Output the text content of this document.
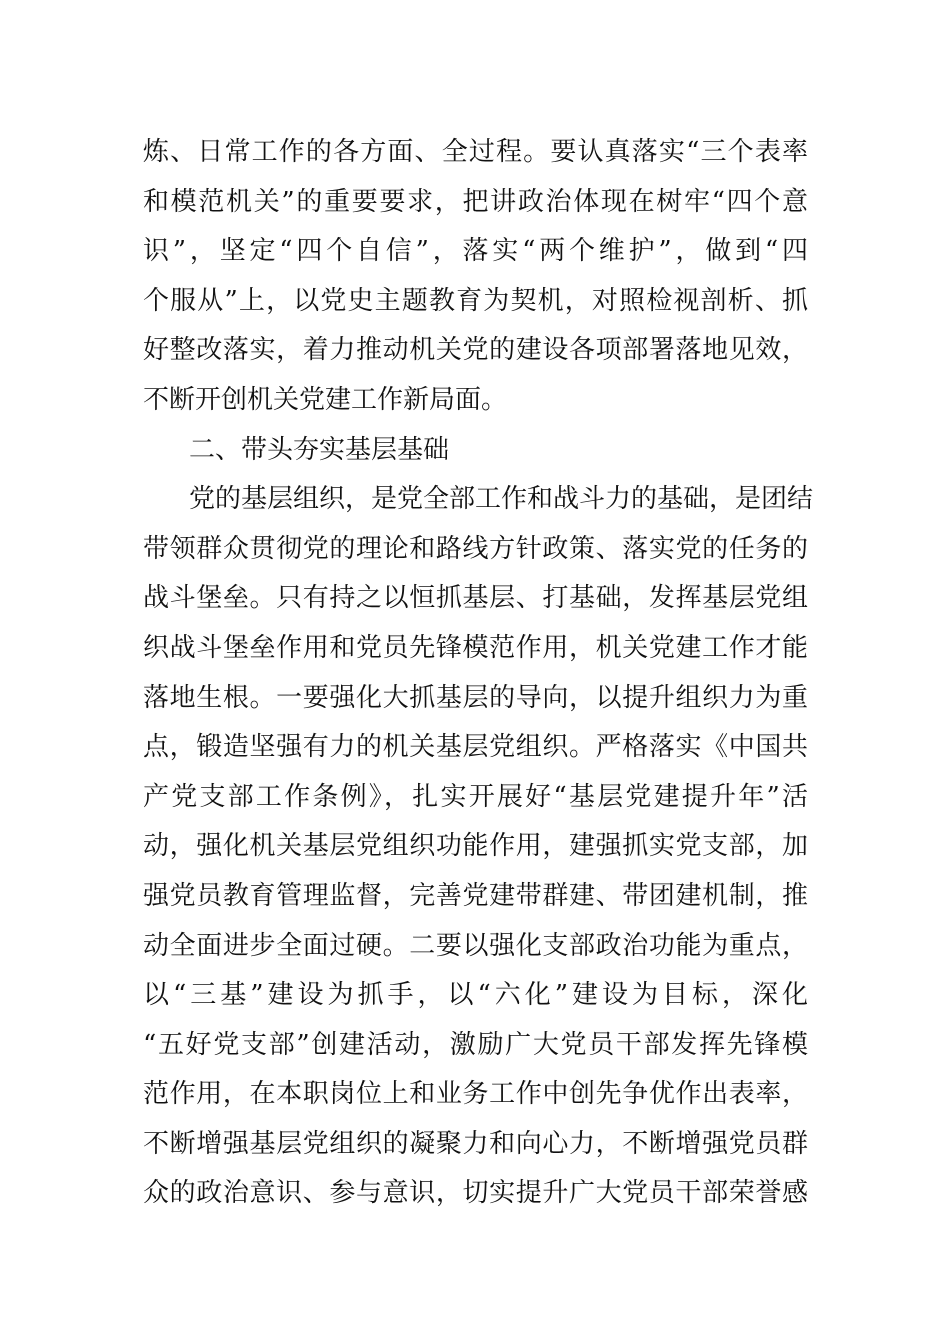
炼、日常工作的各方面、全过程。要认真落实“三个表率
和模范机关”的重要要求，把讲政治体现在树牢“四个意
识”，坚定“四个自信”，落实“两个维护”，做到“四
个服从”上，以党史主题教育为契机，对照检视剖析、抓
好整改落实，着力推动机关党的建设各项部署落地见效，
不断开创机关党建工作新局面。
二、带头夯实基层基础
党的基层组织，是党全部工作和战斗力的基础，是团结
带领群众贯彻党的理论和路线方针政策、落实党的任务的
战斗堡垒。只有持之以恒抓基层、打基础，发挥基层党组
织战斗堡垒作用和党员先锋模范作用，机关党建工作才能
落地生根。一要强化大抓基层的导向，以提升组织力为重
点，锻造坚强有力的机关基层党组织。严格落实《中国共
产党支部工作条例》，扎实开展好“基层党建提升年”活
动，强化机关基层党组织功能作用，建强抓实党支部，加
强党员教育管理监督，完善党建带群建、带团建机制，推
动全面进步全面过硬。二要以强化支部政治功能为重点，
以“三基”建设为抓手，以“六化”建设为目标，深化
“五好党支部”创建活动，激励广大党员干部发挥先锋模
范作用，在本职岗位上和业务工作中创先争优作出表率，
不断增强基层党组织的凝聚力和向心力，不断增强党员群
众的政治意识、参与意识，切实提升广大党员干部荣誉感
